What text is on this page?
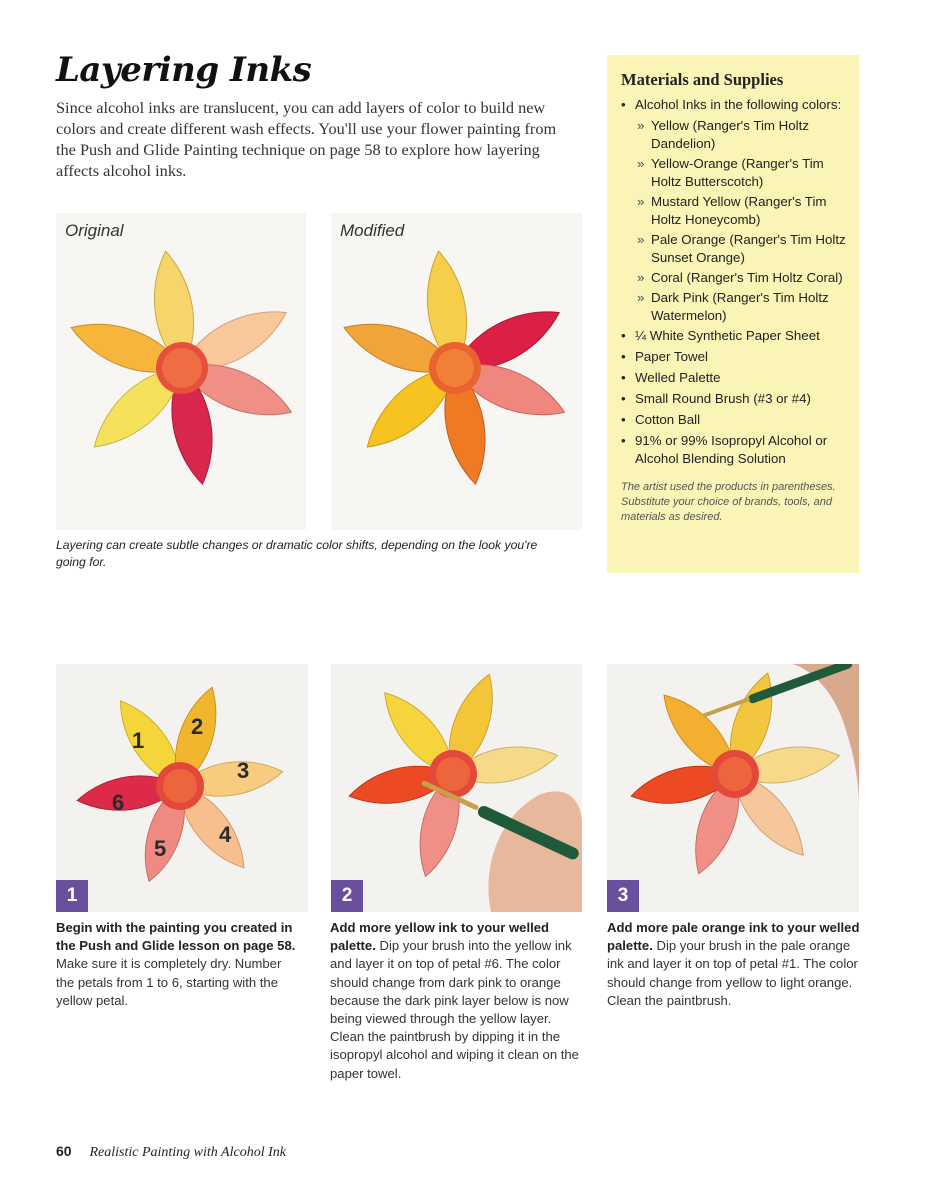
Layering Inks

Since alcohol inks are translucent, you can add layers of color to build new colors and create different wash effects. You'll use your flower painting from the Push and Glide Painting technique on page 58 to explore how layering affects alcohol inks.

Original	Modified

Layering can create subtle changes or dramatic color shifts, depending on the look you're going for.

Materials and Supplies
• Alcohol Inks in the following colors:
» Yellow (Ranger's Tim Holtz Dandelion)
» Yellow-Orange (Ranger's Tim Holtz Butterscotch)
» Mustard Yellow (Ranger's Tim Holtz Honeycomb)
» Pale Orange (Ranger's Tim Holtz Sunset Orange)
» Coral (Ranger's Tim Holtz Coral)
» Dark Pink (Ranger's Tim Holtz Watermelon)
• ¼ White Synthetic Paper Sheet
• Paper Towel
• Welled Palette
• Small Round Brush (#3 or #4)
• Cotton Ball
• 91% or 99% Isopropyl Alcohol or Alcohol Blending Solution

The artist used the products in parentheses. Substitute your choice of brands, tools, and materials as desired.

1
2
3
4
5
6
1	2	3

Begin with the painting you created in the Push and Glide lesson on page 58. Make sure it is completely dry. Number the petals from 1 to 6, starting with the yellow petal.

Add more yellow ink to your welled palette. Dip your brush into the yellow ink and layer it on top of petal #6. The color should change from dark pink to orange because the dark pink layer below is now being viewed through the yellow layer. Clean the paintbrush by dipping it in the isopropyl alcohol and wiping it clean on the paper towel.

Add more pale orange ink to your welled palette. Dip your brush in the pale orange ink and layer it on top of petal #1. The color should change from yellow to light orange. Clean the paintbrush.

60 Realistic Painting with Alcohol Ink
